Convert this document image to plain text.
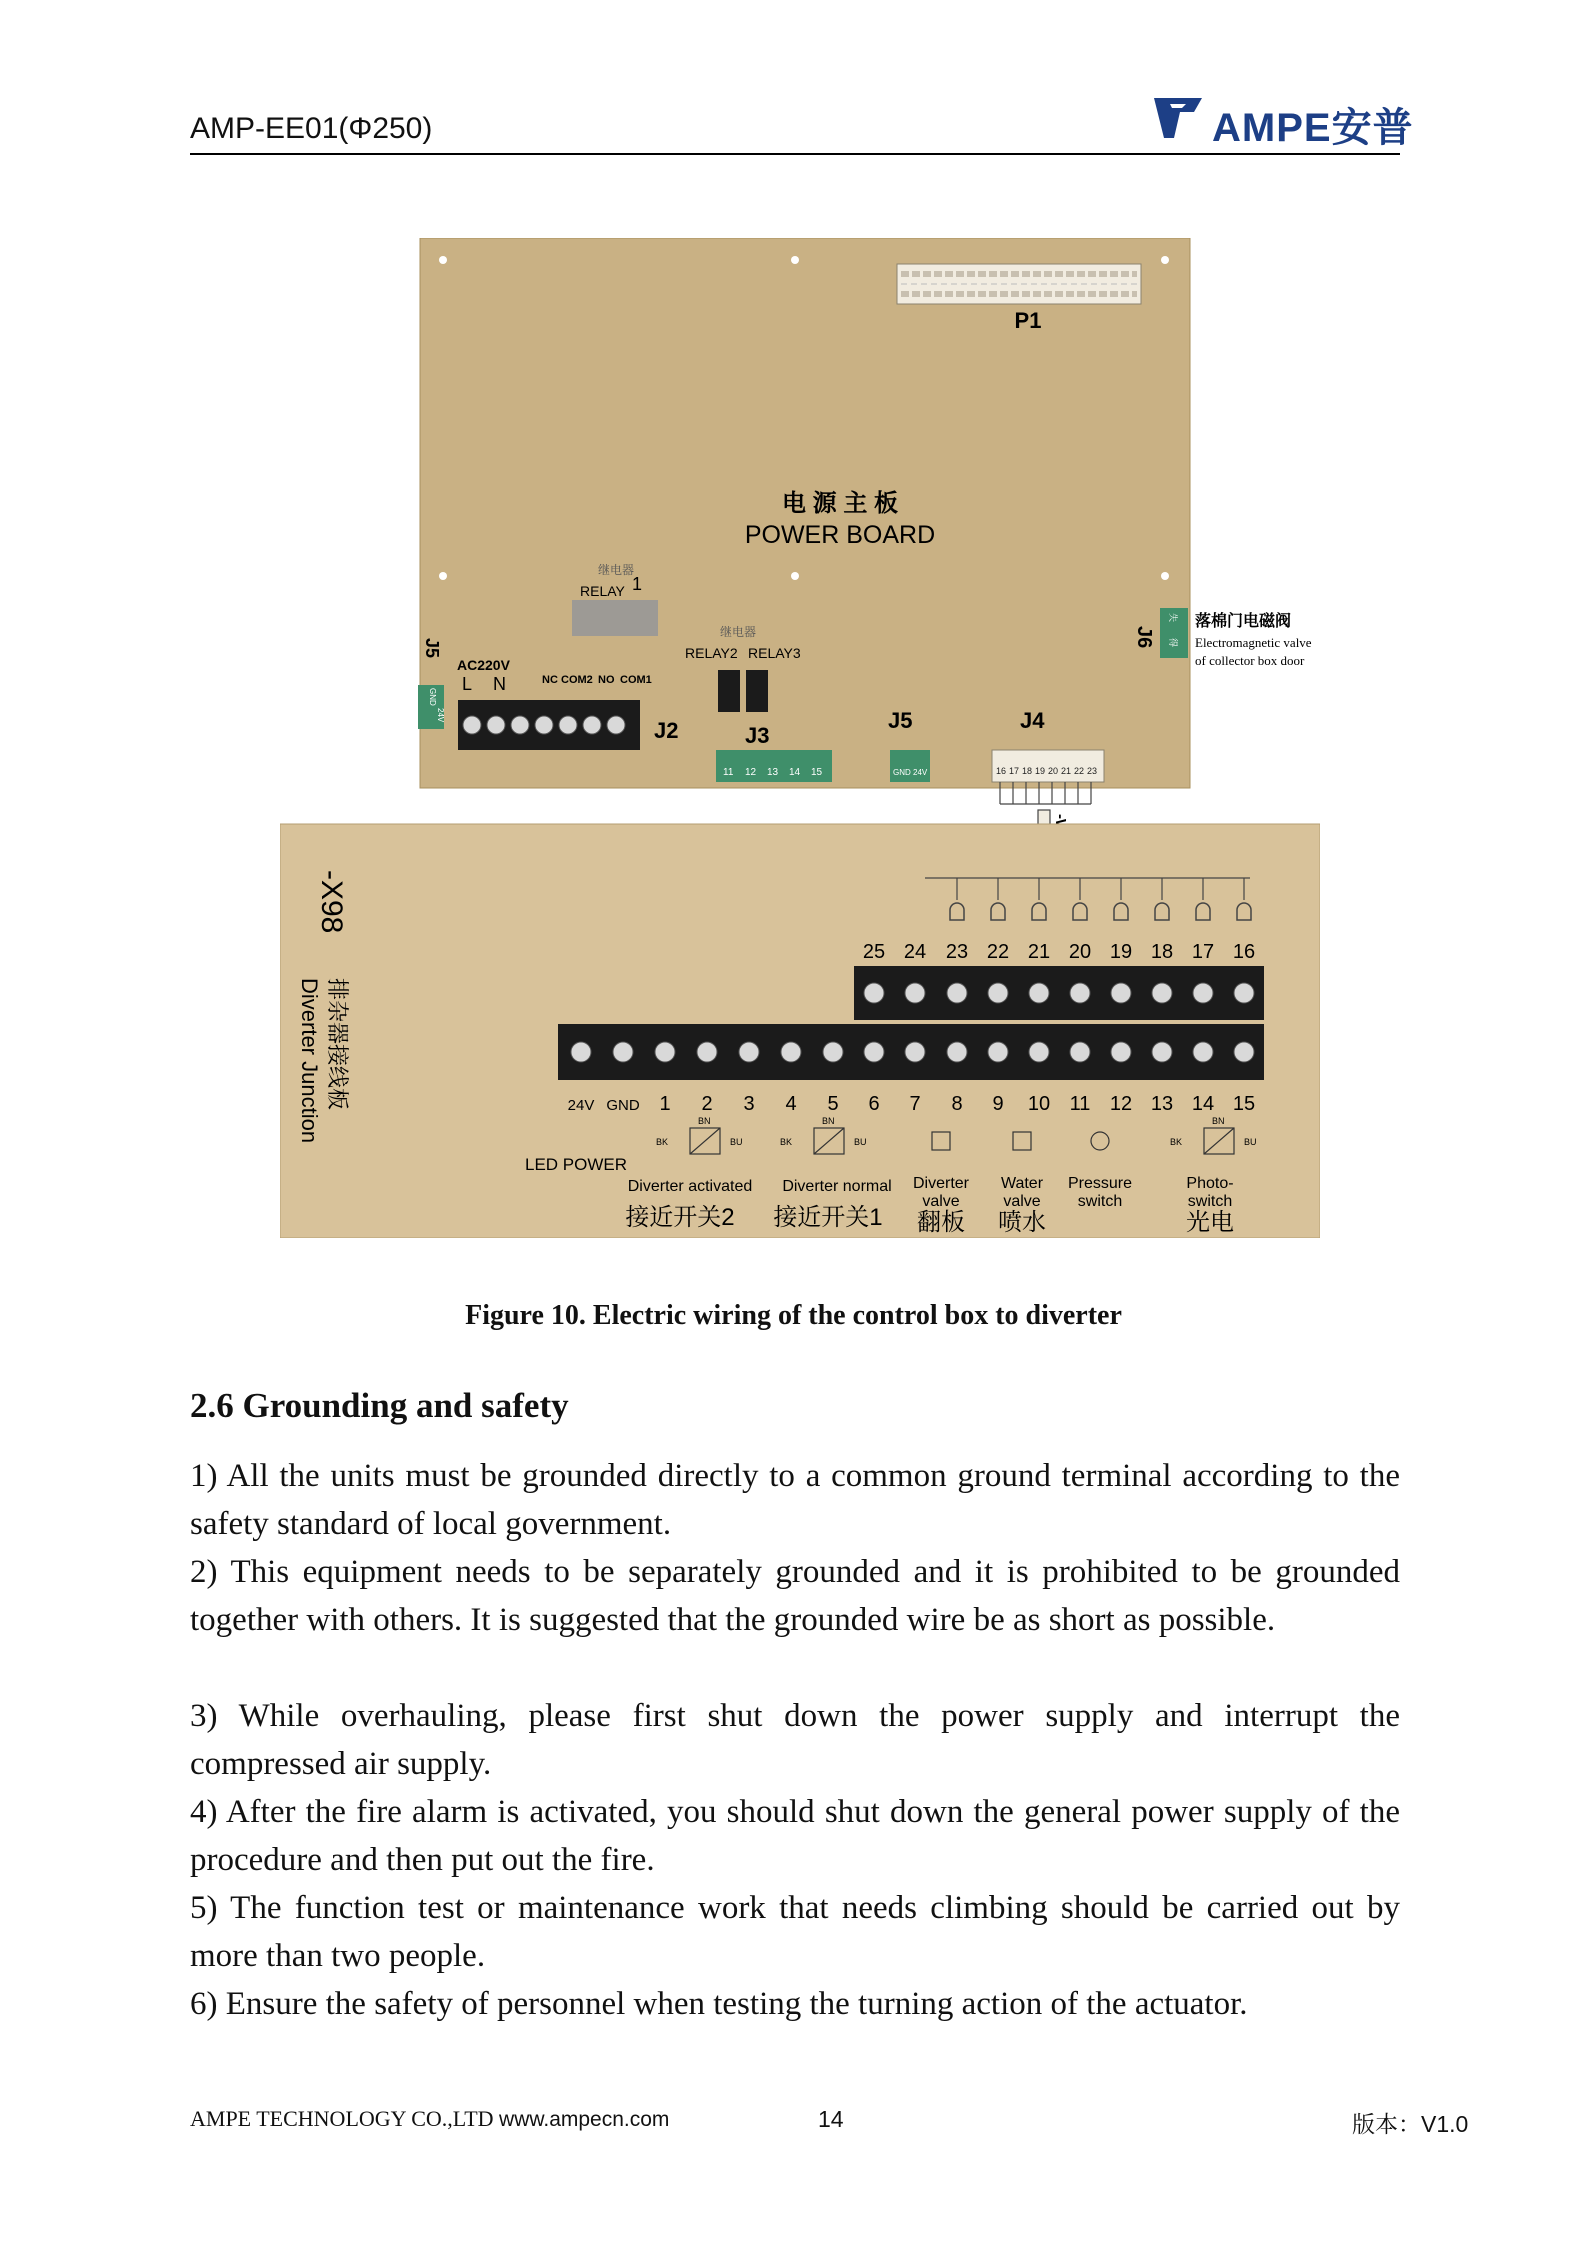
AMP-EE01(Φ250)	AMPE安普
P1
电 源 主 板
POWER BOARD
继电器
RELAY 1
继电器
RELAY2 RELAY3
J5
GND
24V
AC220V
L N	NC COM2 NO COM1
J2	J3
11 12 13 14 15
J5
GND 24V
J4
16 17 18 19 20 21 22 23
J6
失
得
落棉门电磁阀
Electromagnetic valve
of collector box door
-X98
排杂器接线板
Diverter Junction
25 24 23 22 21 20 19 18 17 16
24V GND 1 2 3 4 5 6 7 8 9 10 11 12 13 14 15
BK
BN
BU	BK
BN
BU	BK
BN
BU
LED POWER
Diverter activated Diverter normal Diverter
valve
Water
valve
Pressure
switch
Photo-
switch
接近开关2 接近开关1 翻板 喷水	光电
Figure 10. Electric wiring of the control box to diverter
2.6 Grounding and safety
1) All the units must be grounded directly to a common ground terminal according to the safety standard of local government.
2) This equipment needs to be separately grounded and it is prohibited to be grounded together with others. It is suggested that the grounded wire be as short as possible.
3) While overhauling, please first shut down the power supply and interrupt the compressed air supply.
4) After the fire alarm is activated, you should shut down the general power supply of the procedure and then put out the fire.
5) The function test or maintenance work that needs climbing should be carried out by more than two people.
6) Ensure the safety of personnel when testing the turning action of the actuator.
AMPE TECHNOLOGY CO.,LTD www.ampecn.com	14	版本：V1.0
